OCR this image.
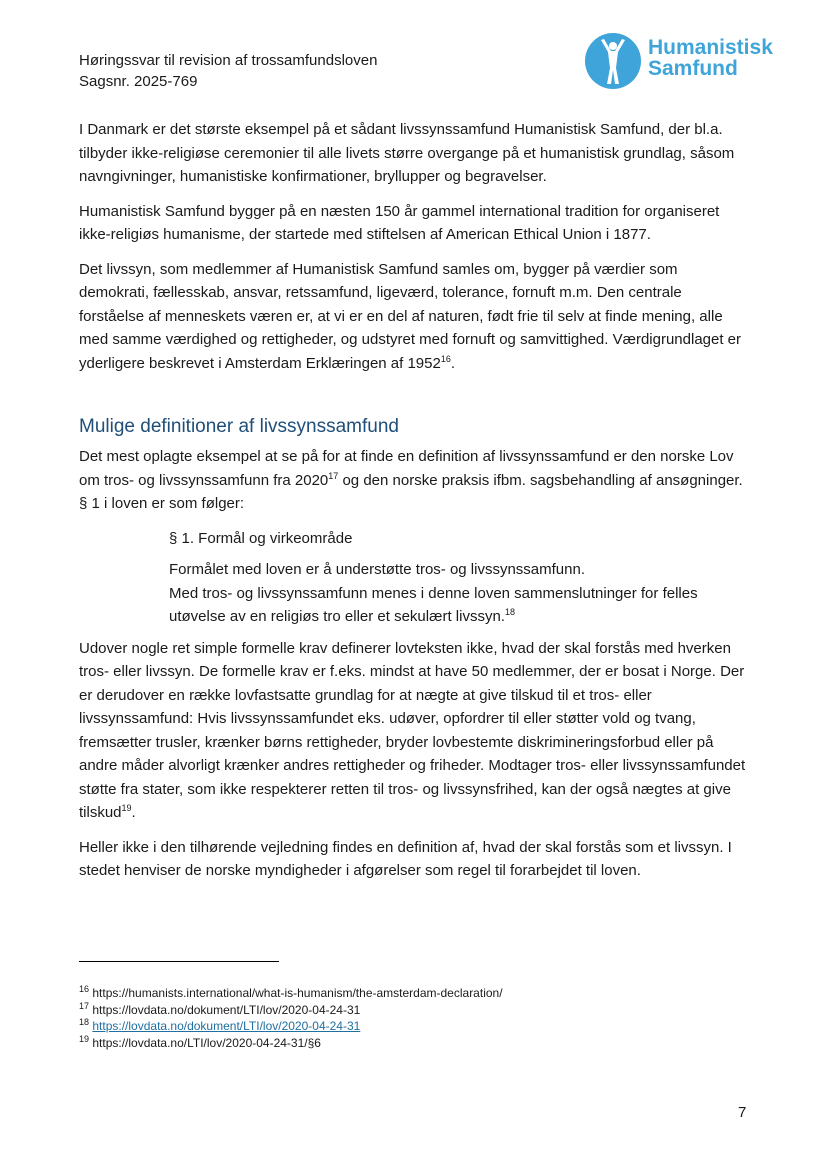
Høringssvar til revision af trossamfundsloven
Sagsnr. 2025-769
Humanistisk
Samfund

I Danmark er det største eksempel på et sådant livssynssamfund Humanistisk Samfund, der bl.a. tilbyder ikke-religiøse ceremonier til alle livets større overgange på et humanistisk grundlag, såsom navngivninger, humanistiske konfirmationer, bryllupper og begravelser.

Humanistisk Samfund bygger på en næsten 150 år gammel international tradition for organiseret ikke-religiøs humanisme, der startede med stiftelsen af American Ethical Union i 1877.

Det livssyn, som medlemmer af Humanistisk Samfund samles om, bygger på værdier som demokrati, fællesskab, ansvar, retssamfund, ligeværd, tolerance, fornuft m.m. Den centrale forståelse af menneskets væren er, at vi er en del af naturen, født frie til selv at finde mening, alle med samme værdighed og rettigheder, og udstyret med fornuft og samvittighed. Værdigrundlaget er yderligere beskrevet i Amsterdam Erklæringen af 1952$^{16}$.

Mulige definitioner af livssynssamfund

Det mest oplagte eksempel at se på for at finde en definition af livssynssamfund er den norske Lov om tros- og livssynssamfunn fra 2020$^{17}$ og den norske praksis ifbm. sagsbehandling af ansøgninger. § 1 i loven er som følger:

§ 1. Formål og virkeområde

Formålet med loven er å understøtte tros- og livssynssamfunn.

Med tros- og livssynssamfunn menes i denne loven sammenslutninger for felles utøvelse av en religiøs tro eller et sekulært livssyn.$^{18}$

Udover nogle ret simple formelle krav definerer lovteksten ikke, hvad der skal forstås med hverken tros- eller livssyn. De formelle krav er f.eks. mindst at have 50 medlemmer, der er bosat i Norge. Der er derudover en række lovfastsatte grundlag for at nægte at give tilskud til et tros- eller livssynssamfund: Hvis livssynssamfundet eks. udøver, opfordrer til eller støtter vold og tvang, fremsætter trusler, krænker børns rettigheder, bryder lovbestemte diskrimineringsforbud eller på andre måder alvorligt krænker andres rettigheder og friheder. Modtager tros- eller livssynssamfundet støtte fra stater, som ikke respekterer retten til tros- og livssynsfrihed, kan der også nægtes at give tilskud$^{19}$.

Heller ikke i den tilhørende vejledning findes en definition af, hvad der skal forstås som et livssyn. I stedet henviser de norske myndigheder i afgørelser som regel til forarbejdet til loven.

$^{16}$ https://humanists.international/what-is-humanism/the-amsterdam-declaration/
$^{17}$ https://lovdata.no/dokument/LTI/lov/2020-04-24-31
$^{18}$ https://lovdata.no/dokument/LTI/lov/2020-04-24-31
$^{19}$ https://lovdata.no/LTI/lov/2020-04-24-31/§6
7
